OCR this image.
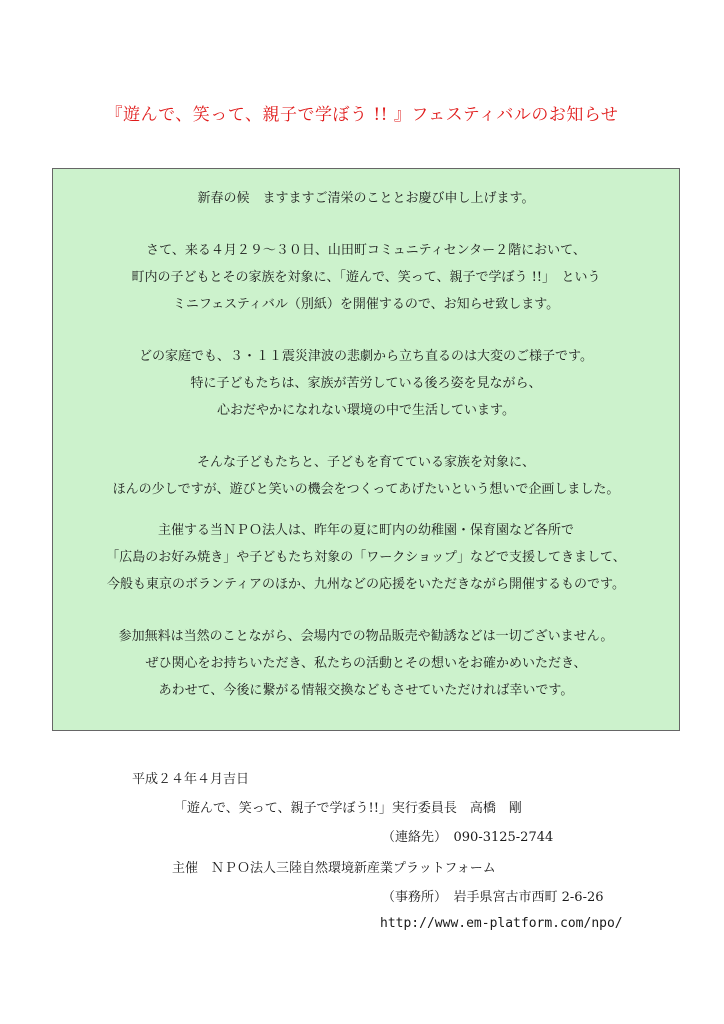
『遊んで、笑って、親子で学ぼう !! 』フェスティバルのお知らせ
新春の候　ますますご清栄のこととお慶び申し上げます。
さて、来る４月２９～３０日、山田町コミュニティセンター２階において、
町内の子どもとその家族を対象に、「遊んで、笑って、親子で学ぼう !!」　という
ミニフェスティバル（別紙）を開催するので、お知らせ致します。
どの家庭でも、３・１１震災津波の悲劇から立ち直るのは大変のご様子です。
特に子どもたちは、家族が苦労している後ろ姿を見ながら、
心おだやかになれない環境の中で生活しています。
そんな子どもたちと、子どもを育てている家族を対象に、
ほんの少しですが、遊びと笑いの機会をつくってあげたいという想いで企画しました。
主催する当ＮＰＯ法人は、昨年の夏に町内の幼稚園・保育園など各所で
「広島のお好み焼き」や子どもたち対象の「ワークショップ」などで支援してきまして、
今般も東京のボランティアのほか、九州などの応援をいただきながら開催するものです。
参加無料は当然のことながら、会場内での物品販売や勧誘などは一切ございません。
ぜひ関心をお持ちいただき、私たちの活動とその想いをお確かめいただき、
あわせて、今後に繋がる情報交換などもさせていただければ幸いです。
平成２４年４月吉日
「遊んで、笑って、親子で学ぼう!!」実行委員長　高橋　剛
（連絡先）　090-3125-2744
主催　ＮＰＯ法人三陸自然環境新産業プラットフォーム
（事務所）　岩手県宮古市西町 2-6-26
http://www.em-platform.com/npo/
